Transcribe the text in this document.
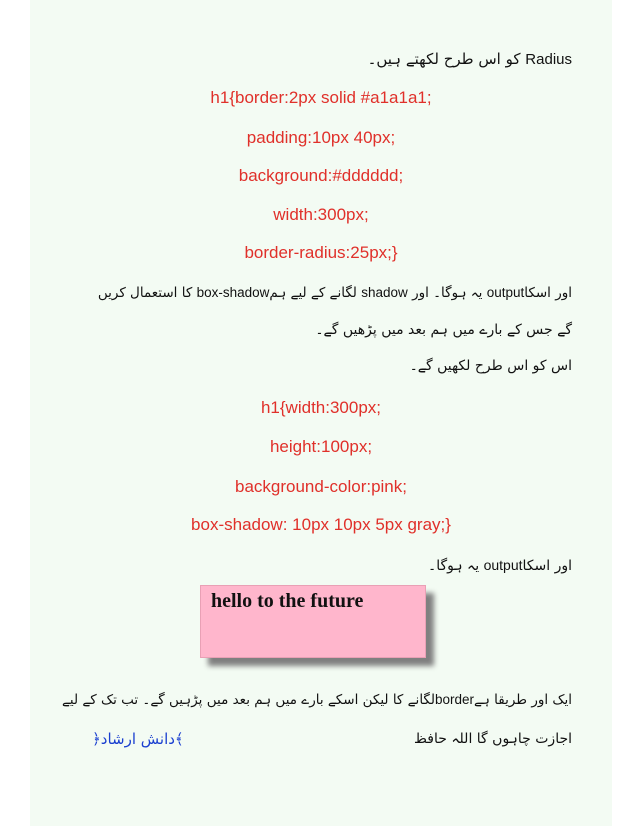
Radius کو اس طرح لکھتے ہیں۔
h1{border:2px solid #a1a1a1;
padding:10px 40px;
background:#dddddd;
width:300px;
border-radius:25px;}
اور اسکاoutput یہ ہوگا۔ اور shadow لگانے کے لیے ہمbox-shadow کا استعمال کریں
گے جس کے بارے میں ہم بعد میں پڑھیں گے۔
اس کو اس طرح لکھیں گے۔
h1{width:300px;
height:100px;
background-color:pink;
box-shadow: 10px 10px 5px gray;}
اور اسکاoutput یہ ہوگا۔
hello to the future
ایک اور طریقا ہےborderلگانے کا لیکن اسکے بارے میں ہم بعد میں پڑہیں گے۔ تب تک کے لیے
اجازت چاہوں گا اللہ حافظ
﴾دانش ارشاد﴿
